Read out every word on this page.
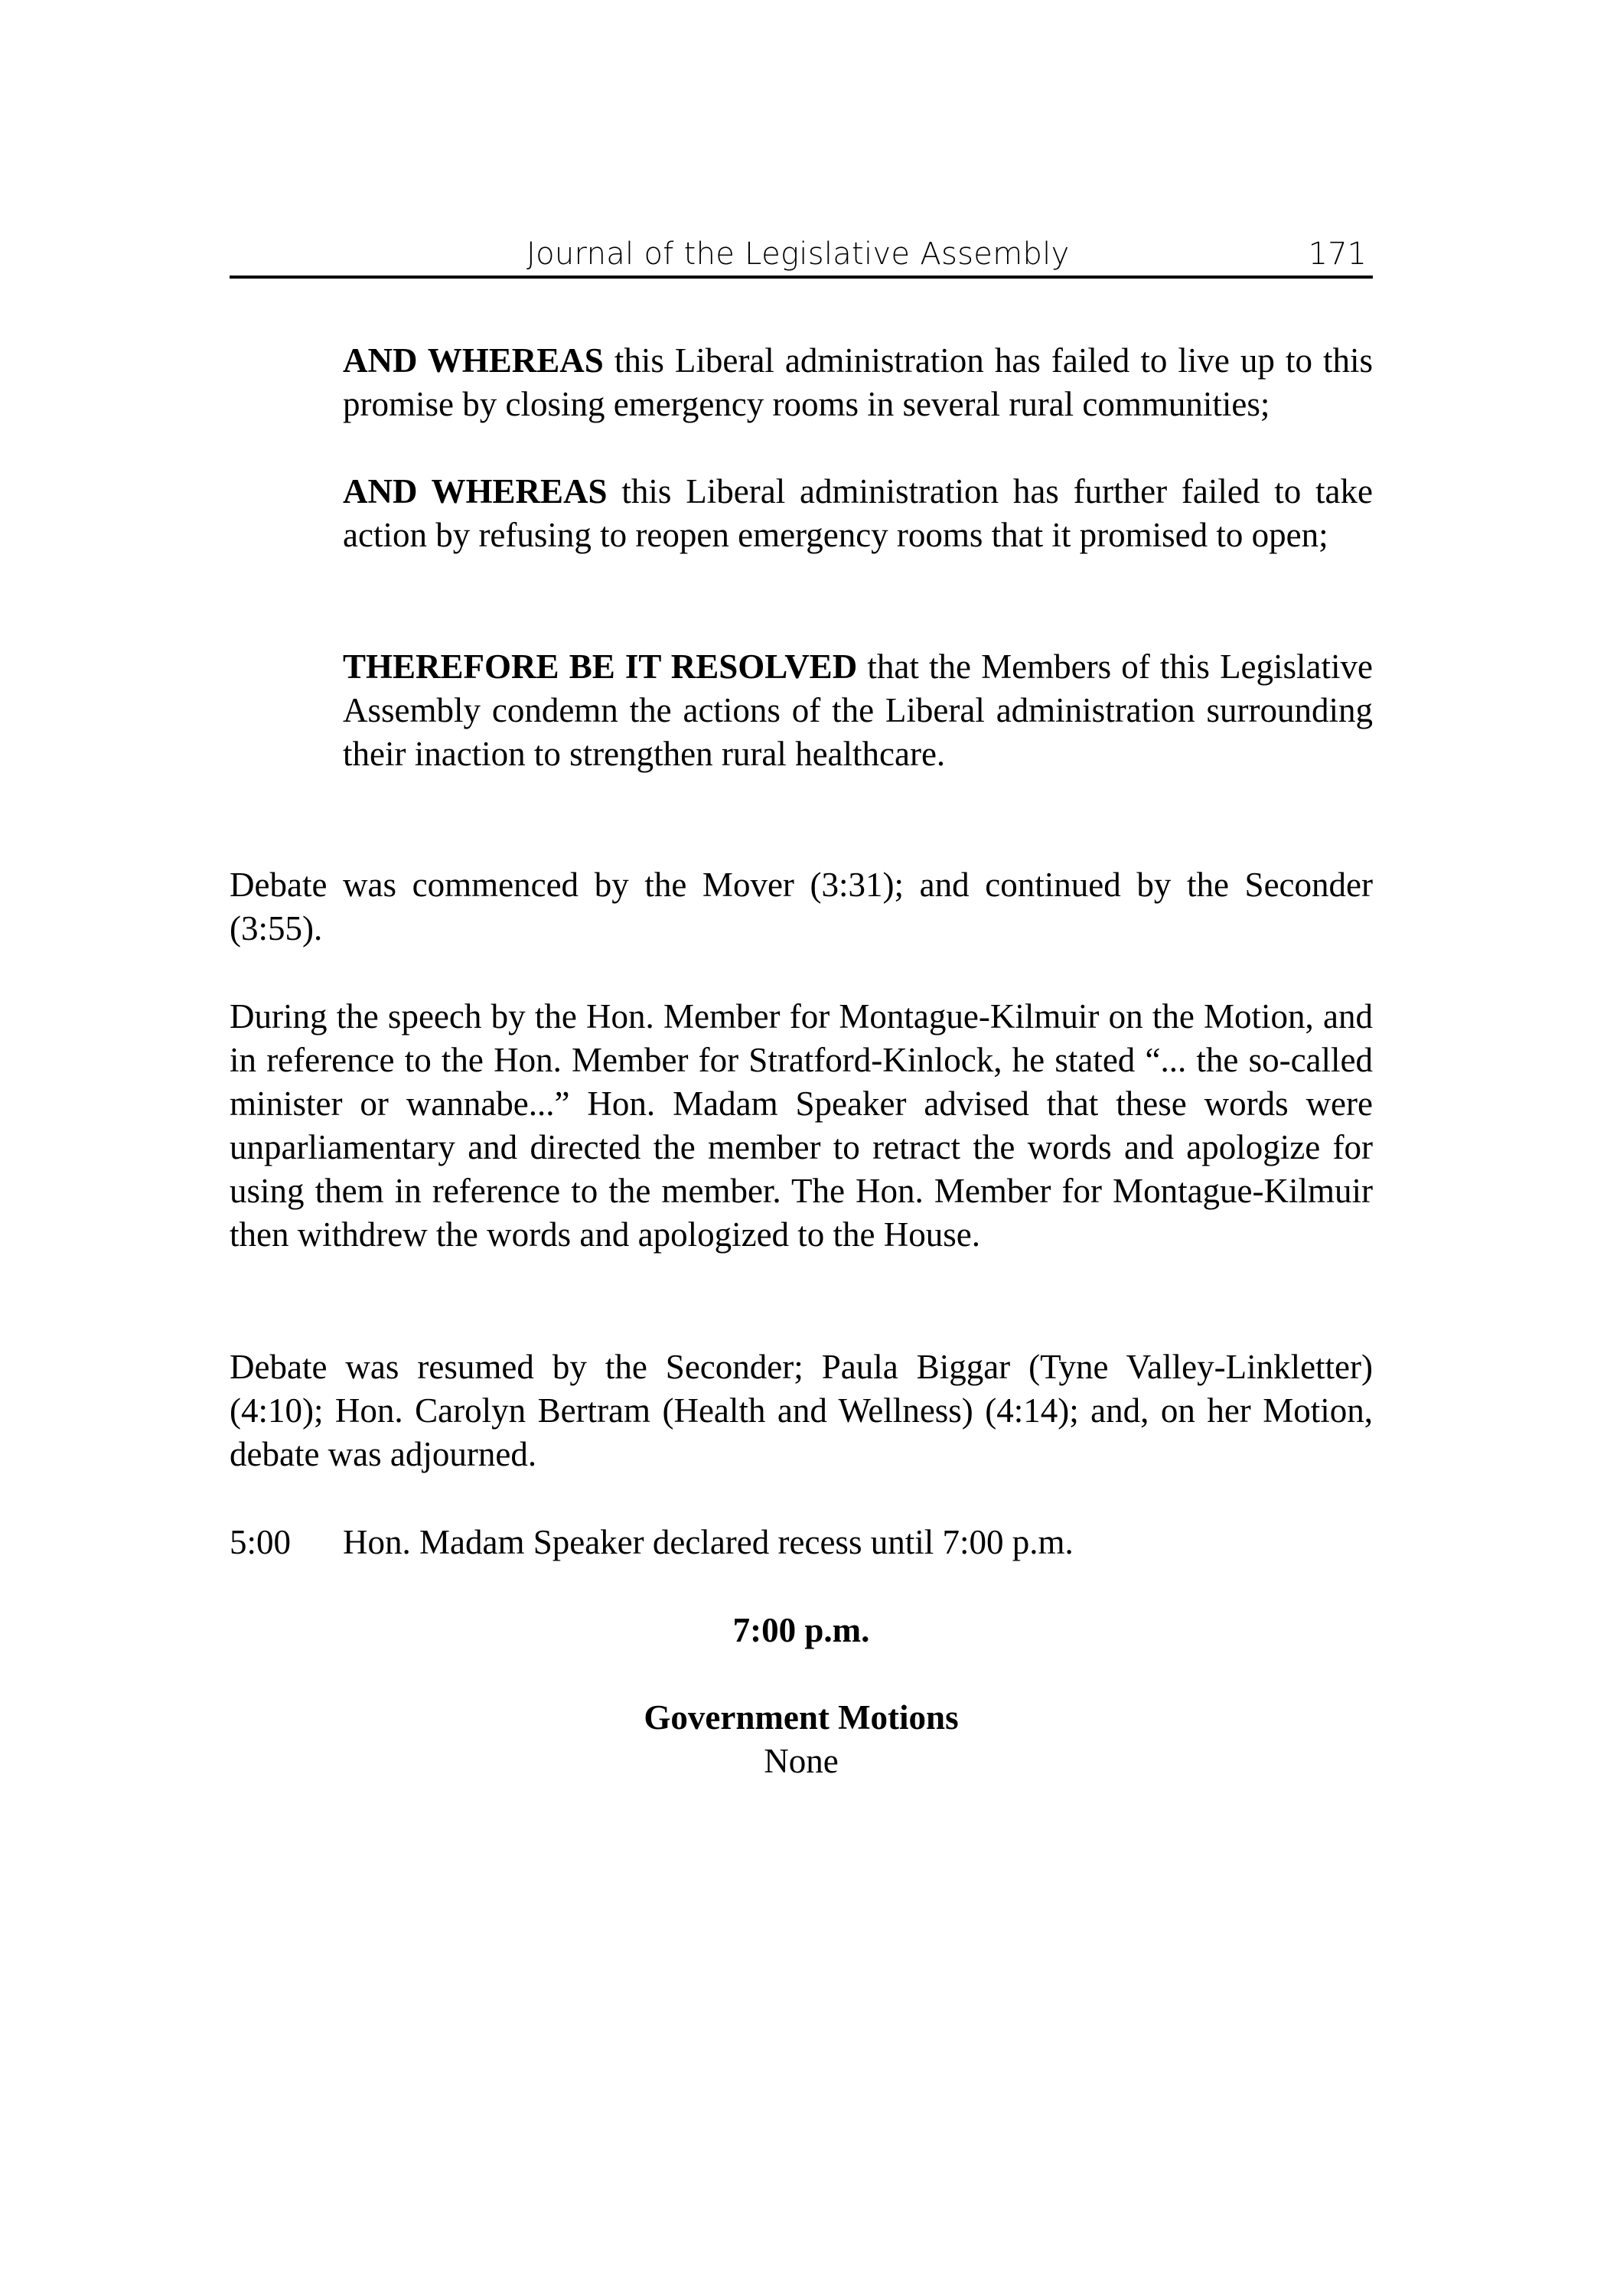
Journal of the Legislative Assembly	171

AND WHEREAS this Liberal administration has failed to live up to this promise by closing emergency rooms in several rural communities;

AND WHEREAS this Liberal administration has further failed to take action by refusing to reopen emergency rooms that it promised to open;

THEREFORE BE IT RESOLVED that the Members of this Legislative Assembly condemn the actions of the Liberal administration surrounding their inaction to strengthen rural healthcare.

Debate was commenced by the Mover (3:31); and continued by the Seconder (3:55).

During the speech by the Hon. Member for Montague-Kilmuir on the Motion, and in reference to the Hon. Member for Stratford-Kinlock, he stated “... the so-called minister or wannabe...” Hon. Madam Speaker advised that these words were unparliamentary and directed the member to retract the words and apologize for using them in reference to the member. The Hon. Member for Montague-Kilmuir then withdrew the words and apologized to the House.

Debate was resumed by the Seconder; Paula Biggar (Tyne Valley-Linkletter) (4:10); Hon. Carolyn Bertram (Health and Wellness) (4:14); and, on her Motion, debate was adjourned.

5:00 Hon. Madam Speaker declared recess until 7:00 p.m.

7:00 p.m.

Government Motions

None
